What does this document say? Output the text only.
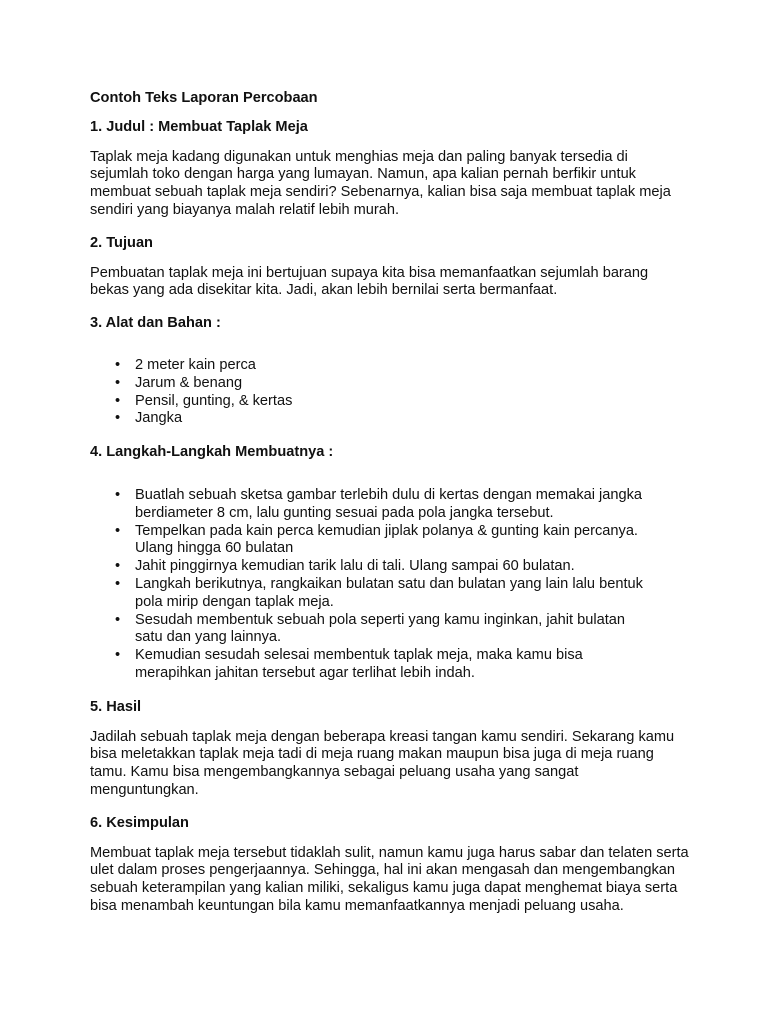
Contoh Teks Laporan Percobaan

1. Judul : Membuat Taplak Meja

Taplak meja kadang digunakan untuk menghias meja dan paling banyak tersedia di sejumlah toko dengan harga yang lumayan. Namun, apa kalian pernah berfikir untuk membuat sebuah taplak meja sendiri? Sebenarnya, kalian bisa saja membuat taplak meja sendiri yang biayanya malah relatif lebih murah.

2. Tujuan

Pembuatan taplak meja ini bertujuan supaya kita bisa memanfaatkan sejumlah barang bekas yang ada disekitar kita. Jadi, akan lebih bernilai serta bermanfaat.

3. Alat dan Bahan :

• 2 meter kain perca
• Jarum & benang
• Pensil, gunting, & kertas
• Jangka

4. Langkah-Langkah Membuatnya :

• Buatlah sebuah sketsa gambar terlebih dulu di kertas dengan memakai jangka berdiameter 8 cm, lalu gunting sesuai pada pola jangka tersebut.
• Tempelkan pada kain perca kemudian jiplak polanya & gunting kain percanya. Ulang hingga 60 bulatan
• Jahit pinggirnya kemudian tarik lalu di tali. Ulang sampai 60 bulatan.
• Langkah berikutnya, rangkaikan bulatan satu dan bulatan yang lain lalu bentuk pola mirip dengan taplak meja.
• Sesudah membentuk sebuah pola seperti yang kamu inginkan, jahit bulatan satu dan yang lainnya.
• Kemudian sesudah selesai membentuk taplak meja, maka kamu bisa merapihkan jahitan tersebut agar terlihat lebih indah.

5. Hasil

Jadilah sebuah taplak meja dengan beberapa kreasi tangan kamu sendiri. Sekarang kamu bisa meletakkan taplak meja tadi di meja ruang makan maupun bisa juga di meja ruang tamu. Kamu bisa mengembangkannya sebagai peluang usaha yang sangat menguntungkan.

6. Kesimpulan

Membuat taplak meja tersebut tidaklah sulit, namun kamu juga harus sabar dan telaten serta ulet dalam proses pengerjaannya. Sehingga, hal ini akan mengasah dan mengembangkan sebuah keterampilan yang kalian miliki, sekaligus kamu juga dapat menghemat biaya serta bisa menambah keuntungan bila kamu memanfaatkannya menjadi peluang usaha.
